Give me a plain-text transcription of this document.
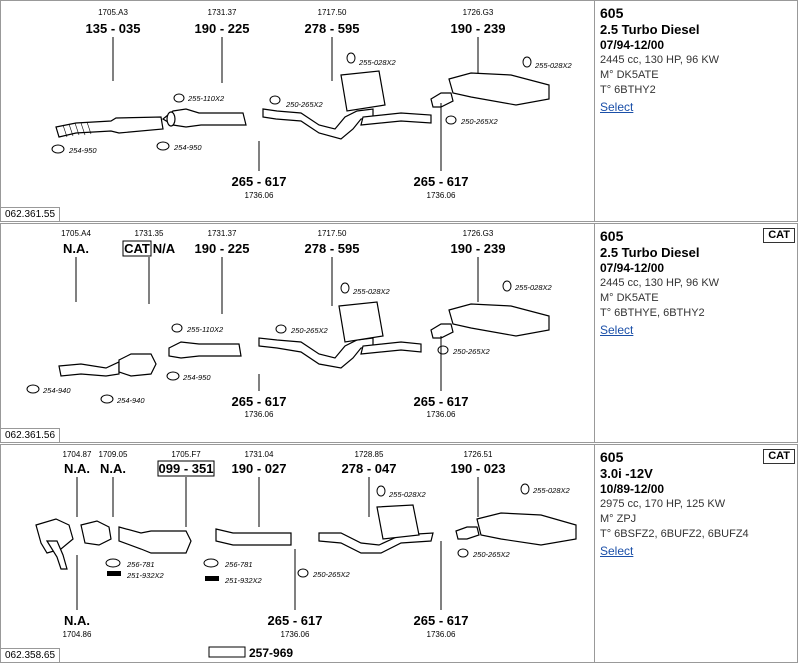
1705.A3
135 - 035
1731.37
190 - 225
1717.50
278 - 595
1726.G3
190 - 239
254-950	254-950
255-110X2
250-265X2
255-028X2	255-028X2
250-265X2
265 - 617
1736.06
265 - 617
1736.06
062.361.55
605
2.5 Turbo Diesel
07/94-12/00
2445 cc, 130 HP, 96 KW
M° DK5ATE
T° 6BTHY2
Select
1705.A4
N.A.
1731.35
CAT N/A
1731.37
190 - 225
1717.50
278 - 595
1726.G3
190 - 239
254-940
254-940
254-950
255-110X2	250-265X2
255-028X2	255-028X2
250-265X2
265 - 617
1736.06
265 - 617
1736.06
062.361.56
CAT
605
2.5 Turbo Diesel
07/94-12/00
2445 cc, 130 HP, 96 KW
M° DK5ATE
T° 6BTHYE, 6BTHY2
Select
1704.87
N.A.
1709.05
N.A.
1705.F7
099 - 351
1731.04
190 - 027
1728.85
278 - 047
1726.51
190 - 023
256-781
251-932X2
256-781
251-932X2
250-265X2
255-028X2	255-028X2
250-265X2
N.A.
1704.86
265 - 617
1736.06
265 - 617
1736.06
257-969
062.358.65
CAT
605
3.0i -12V
10/89-12/00
2975 cc, 170 HP, 125 KW
M° ZPJ
T° 6BSFZ2, 6BUFZ2, 6BUFZ4
Select
